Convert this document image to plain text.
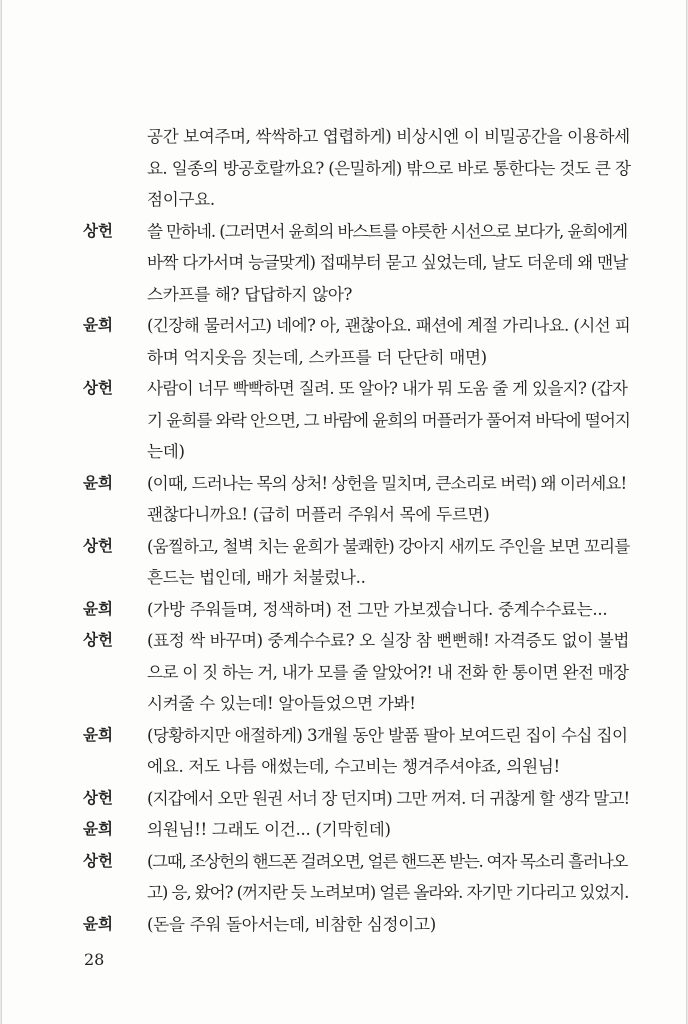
공간 보여주며, 싹싹하고 엽렵하게) 비상시엔 이 비밀공간을 이용하세
요. 일종의 방공호랄까요? (은밀하게) 밖으로 바로 통한다는 것도 큰 장
점이구요.
상헌 쓸 만하네. (그러면서 윤희의 바스트를 야릇한 시선으로 보다가, 윤희에게
바짝 다가서며 능글맞게) 접때부터 묻고 싶었는데, 날도 더운데 왜 맨날
스카프를 해? 답답하지 않아?
윤희 (긴장해 물러서고) 네에? 아, 괜찮아요. 패션에 계절 가리나요. (시선 피
하며 억지웃음 짓는데, 스카프를 더 단단히 매면)
상헌 사람이 너무 빡빡하면 질려. 또 알아? 내가 뭐 도움 줄 게 있을지? (갑자
기 윤희를 와락 안으면, 그 바람에 윤희의 머플러가 풀어져 바닥에 떨어지
는데)
윤희 (이때, 드러나는 목의 상처! 상헌을 밀치며, 큰소리로 버럭) 왜 이러세요!
괜찮다니까요! (급히 머플러 주워서 목에 두르면)
상헌 (움찔하고, 철벽 치는 윤희가 불쾌한) 강아지 새끼도 주인을 보면 꼬리를
흔드는 법인데, 배가 처불렀나..
윤희 (가방 주워들며, 정색하며) 전 그만 가보겠습니다. 중계수수료는...
상헌 (표정 싹 바꾸며) 중계수수료? 오 실장 참 뻔뻔해! 자격증도 없이 불법
으로 이 짓 하는 거, 내가 모를 줄 알았어?! 내 전화 한 통이면 완전 매장
시켜줄 수 있는데! 알아들었으면 가봐!
윤희 (당황하지만 애절하게) 3개월 동안 발품 팔아 보여드린 집이 수십 집이
에요. 저도 나름 애썼는데, 수고비는 챙겨주셔야죠, 의원님!
상헌 (지갑에서 오만 원권 서너 장 던지며) 그만 꺼져. 더 귀찮게 할 생각 말고!
윤희 의원님!! 그래도 이건... (기막힌데)
상헌 (그때, 조상헌의 핸드폰 걸려오면, 얼른 핸드폰 받는. 여자 목소리 흘러나오
고) 응, 왔어? (꺼지란 듯 노려보며) 얼른 올라와. 자기만 기다리고 있었지.
윤희 (돈을 주워 돌아서는데, 비참한 심정이고)
28
